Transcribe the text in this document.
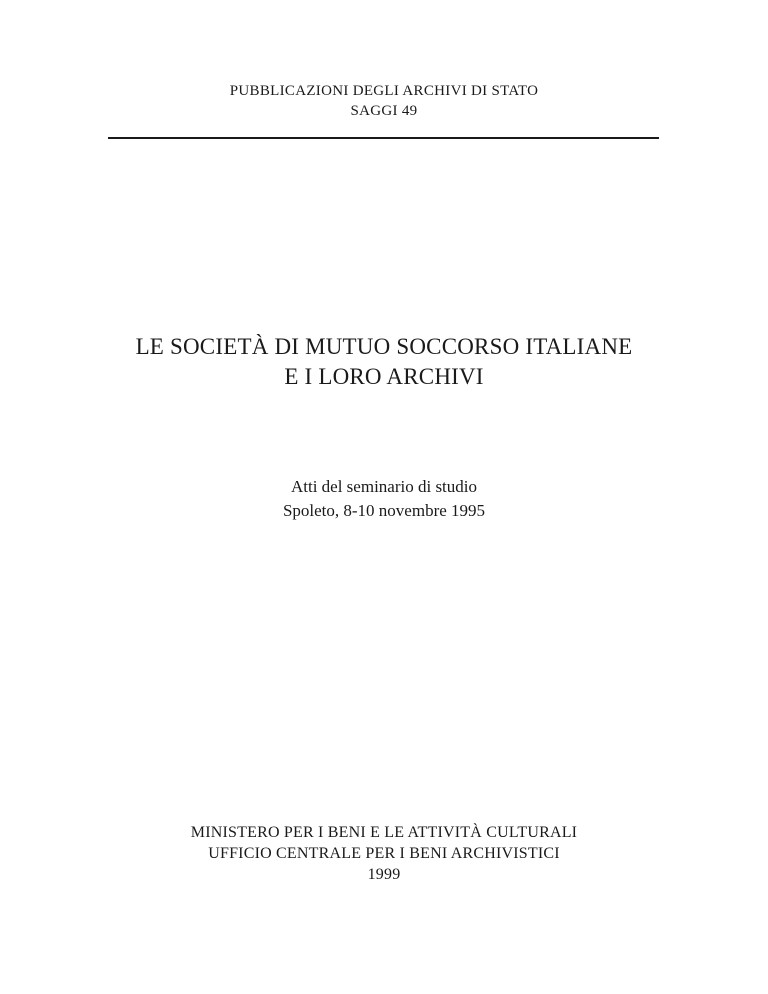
PUBBLICAZIONI DEGLI ARCHIVI DI STATO
SAGGI 49
LE SOCIETÀ DI MUTUO SOCCORSO ITALIANE
E I LORO ARCHIVI
Atti del seminario di studio
Spoleto, 8-10 novembre 1995
MINISTERO PER I BENI E LE ATTIVITÀ CULTURALI
UFFICIO CENTRALE PER I BENI ARCHIVISTICI
1999
